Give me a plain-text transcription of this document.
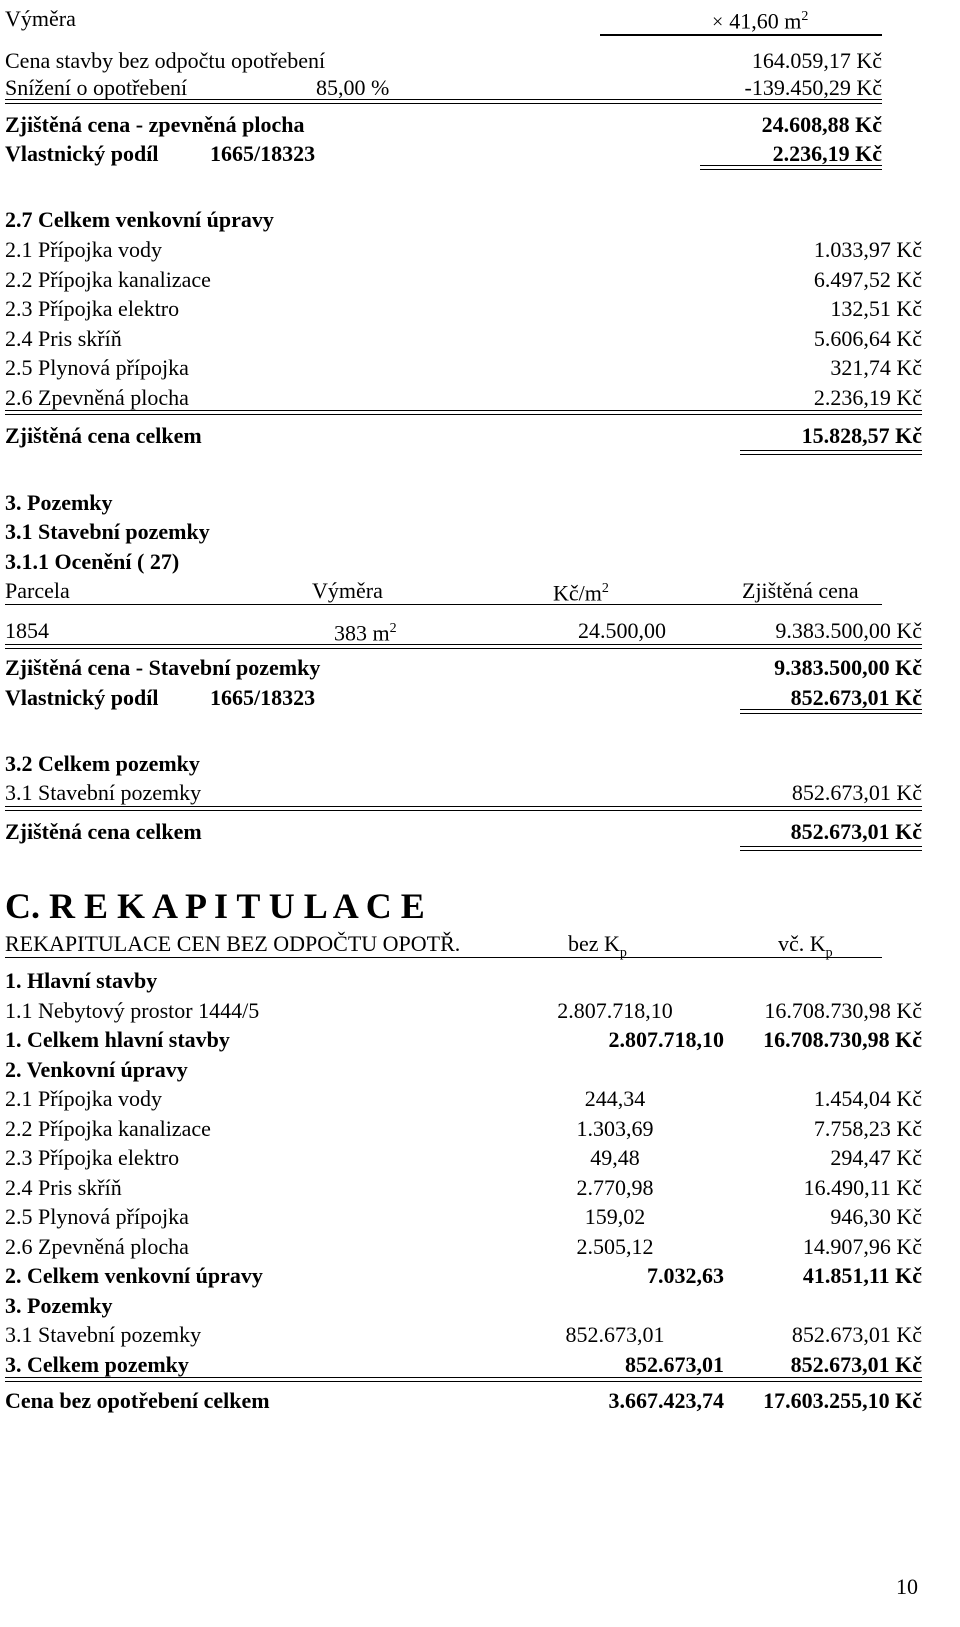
Výměra	× 41,60 $m^2$
Cena stavby bez odpočtu opotřebení	164.059,17 Kč
Snížení o opotřebení	85,00 %	-139.450,29 Kč
Zjištěná cena - zpevněná plocha	24.608,88 Kč
Vlastnický podíl 1665/18323	2.236,19 Kč
2.7 Celkem venkovní úpravy
2.1 Přípojka vody	1.033,97 Kč
2.2 Přípojka kanalizace	6.497,52 Kč
2.3 Přípojka elektro	132,51 Kč
2.4 Pris skříň	5.606,64 Kč
2.5 Plynová přípojka	321,74 Kč
2.6 Zpevněná plocha	2.236,19 Kč
Zjištěná cena celkem	15.828,57 Kč
3. Pozemky
3.1 Stavební pozemky
3.1.1 Ocenění ( 27)
Parcela	Výměra	$Kč/m^2$	Zjištěná cena
1854	383 $m^2$	24.500,00	9.383.500,00 Kč
Zjištěná cena - Stavební pozemky	9.383.500,00 Kč
Vlastnický podíl 1665/18323	852.673,01 Kč
3.2 Celkem pozemky
3.1 Stavební pozemky	852.673,01 Kč
Zjištěná cena celkem	852.673,01 Kč
C. R E K A P I T U L A C E
REKAPITULACE CEN BEZ ODPOČTU OPOTŘ.	bez $K_p$	vč. $K_p$
1. Hlavní stavby
1.1 Nebytový prostor 1444/5	2.807.718,10	16.708.730,98 Kč
1. Celkem hlavní stavby	2.807.718,10	16.708.730,98 Kč
2. Venkovní úpravy
2.1 Přípojka vody	244,34	1.454,04 Kč
2.2 Přípojka kanalizace	1.303,69	7.758,23 Kč
2.3 Přípojka elektro	49,48	294,47 Kč
2.4 Pris skříň	2.770,98	16.490,11 Kč
2.5 Plynová přípojka	159,02	946,30 Kč
2.6 Zpevněná plocha	2.505,12	14.907,96 Kč
2. Celkem venkovní úpravy	7.032,63	41.851,11 Kč
3. Pozemky
3.1 Stavební pozemky	852.673,01	852.673,01 Kč
3. Celkem pozemky	852.673,01	852.673,01 Kč
Cena bez opotřebení celkem	3.667.423,74	17.603.255,10 Kč
10
